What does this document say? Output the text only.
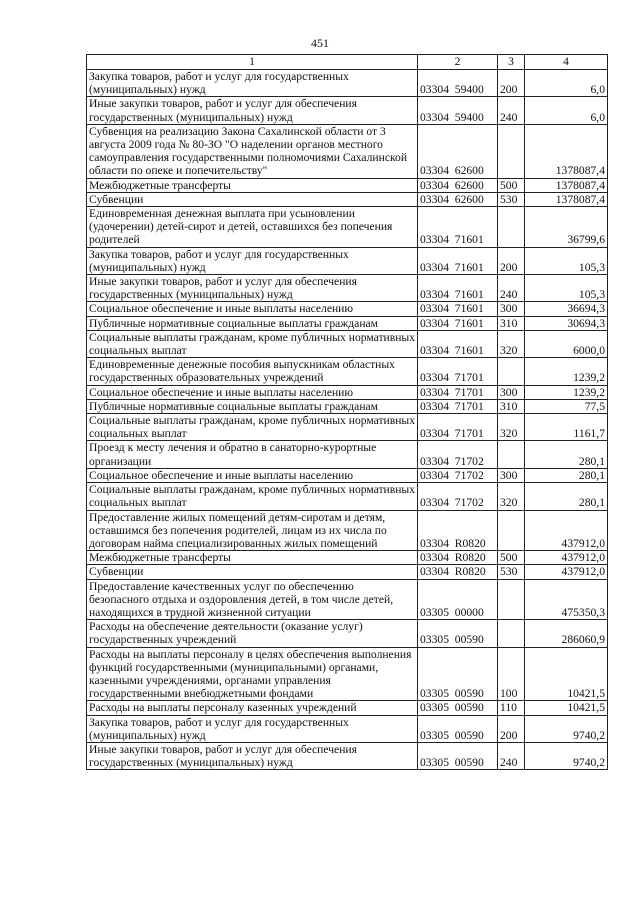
451
1	2	3	4
Закупка товаров, работ и услуг для государственных (муниципальных) нужд	03304  59400	200	6,0
Иные закупки товаров, работ и услуг для обеспечения государственных (муниципальных) нужд	03304  59400	240	6,0
Субвенция на реализацию Закона Сахалинской области от 3 августа 2009 года № 80-ЗО "О наделении органов местного самоуправления государственными полномочиями Сахалинской области по опеке и попечительству"	03304  62600		1378087,4
Межбюджетные трансферты	03304  62600	500	1378087,4
Субвенции	03304  62600	530	1378087,4
Единовременная денежная выплата при усыновлении (удочерении) детей-сирот и детей, оставшихся без попечения родителей	03304  71601		36799,6
Закупка товаров, работ и услуг для государственных (муниципальных) нужд	03304  71601	200	105,3
Иные закупки товаров, работ и услуг для обеспечения государственных (муниципальных) нужд	03304  71601	240	105,3
Социальное обеспечение и иные выплаты населению	03304  71601	300	36694,3
Публичные нормативные социальные выплаты гражданам	03304  71601	310	30694,3
Социальные выплаты гражданам, кроме публичных нормативных социальных выплат	03304  71601	320	6000,0
Единовременные денежные пособия выпускникам областных государственных образовательных учреждений	03304  71701		1239,2
Социальное обеспечение и иные выплаты населению	03304  71701	300	1239,2
Публичные нормативные социальные выплаты гражданам	03304  71701	310	77,5
Социальные выплаты гражданам, кроме публичных нормативных социальных выплат	03304  71701	320	1161,7
Проезд к месту лечения и обратно в санаторно-курортные организации	03304  71702		280,1
Социальное обеспечение и иные выплаты населению	03304  71702	300	280,1
Социальные выплаты гражданам, кроме публичных нормативных социальных выплат	03304  71702	320	280,1
Предоставление жилых помещений детям-сиротам и детям, оставшимся без попечения родителей, лицам из их числа по договорам найма специализированных жилых помещений	03304  R0820		437912,0
Межбюджетные трансферты	03304  R0820	500	437912,0
Субвенции	03304  R0820	530	437912,0
Предоставление качественных услуг по обеспечению безопасного отдыха и оздоровления детей, в том числе детей, находящихся в трудной жизненной ситуации	03305  00000		475350,3
Расходы на обеспечение деятельности (оказание услуг) государственных учреждений	03305  00590		286060,9
Расходы на выплаты персоналу в целях обеспечения выполнения функций государственными (муниципальными) органами, казенными учреждениями, органами управления государственными внебюджетными фондами	03305  00590	100	10421,5
Расходы на выплаты персоналу казенных учреждений	03305  00590	110	10421,5
Закупка товаров, работ и услуг для государственных (муниципальных) нужд	03305  00590	200	9740,2
Иные закупки товаров, работ и услуг для обеспечения государственных (муниципальных) нужд	03305  00590	240	9740,2
